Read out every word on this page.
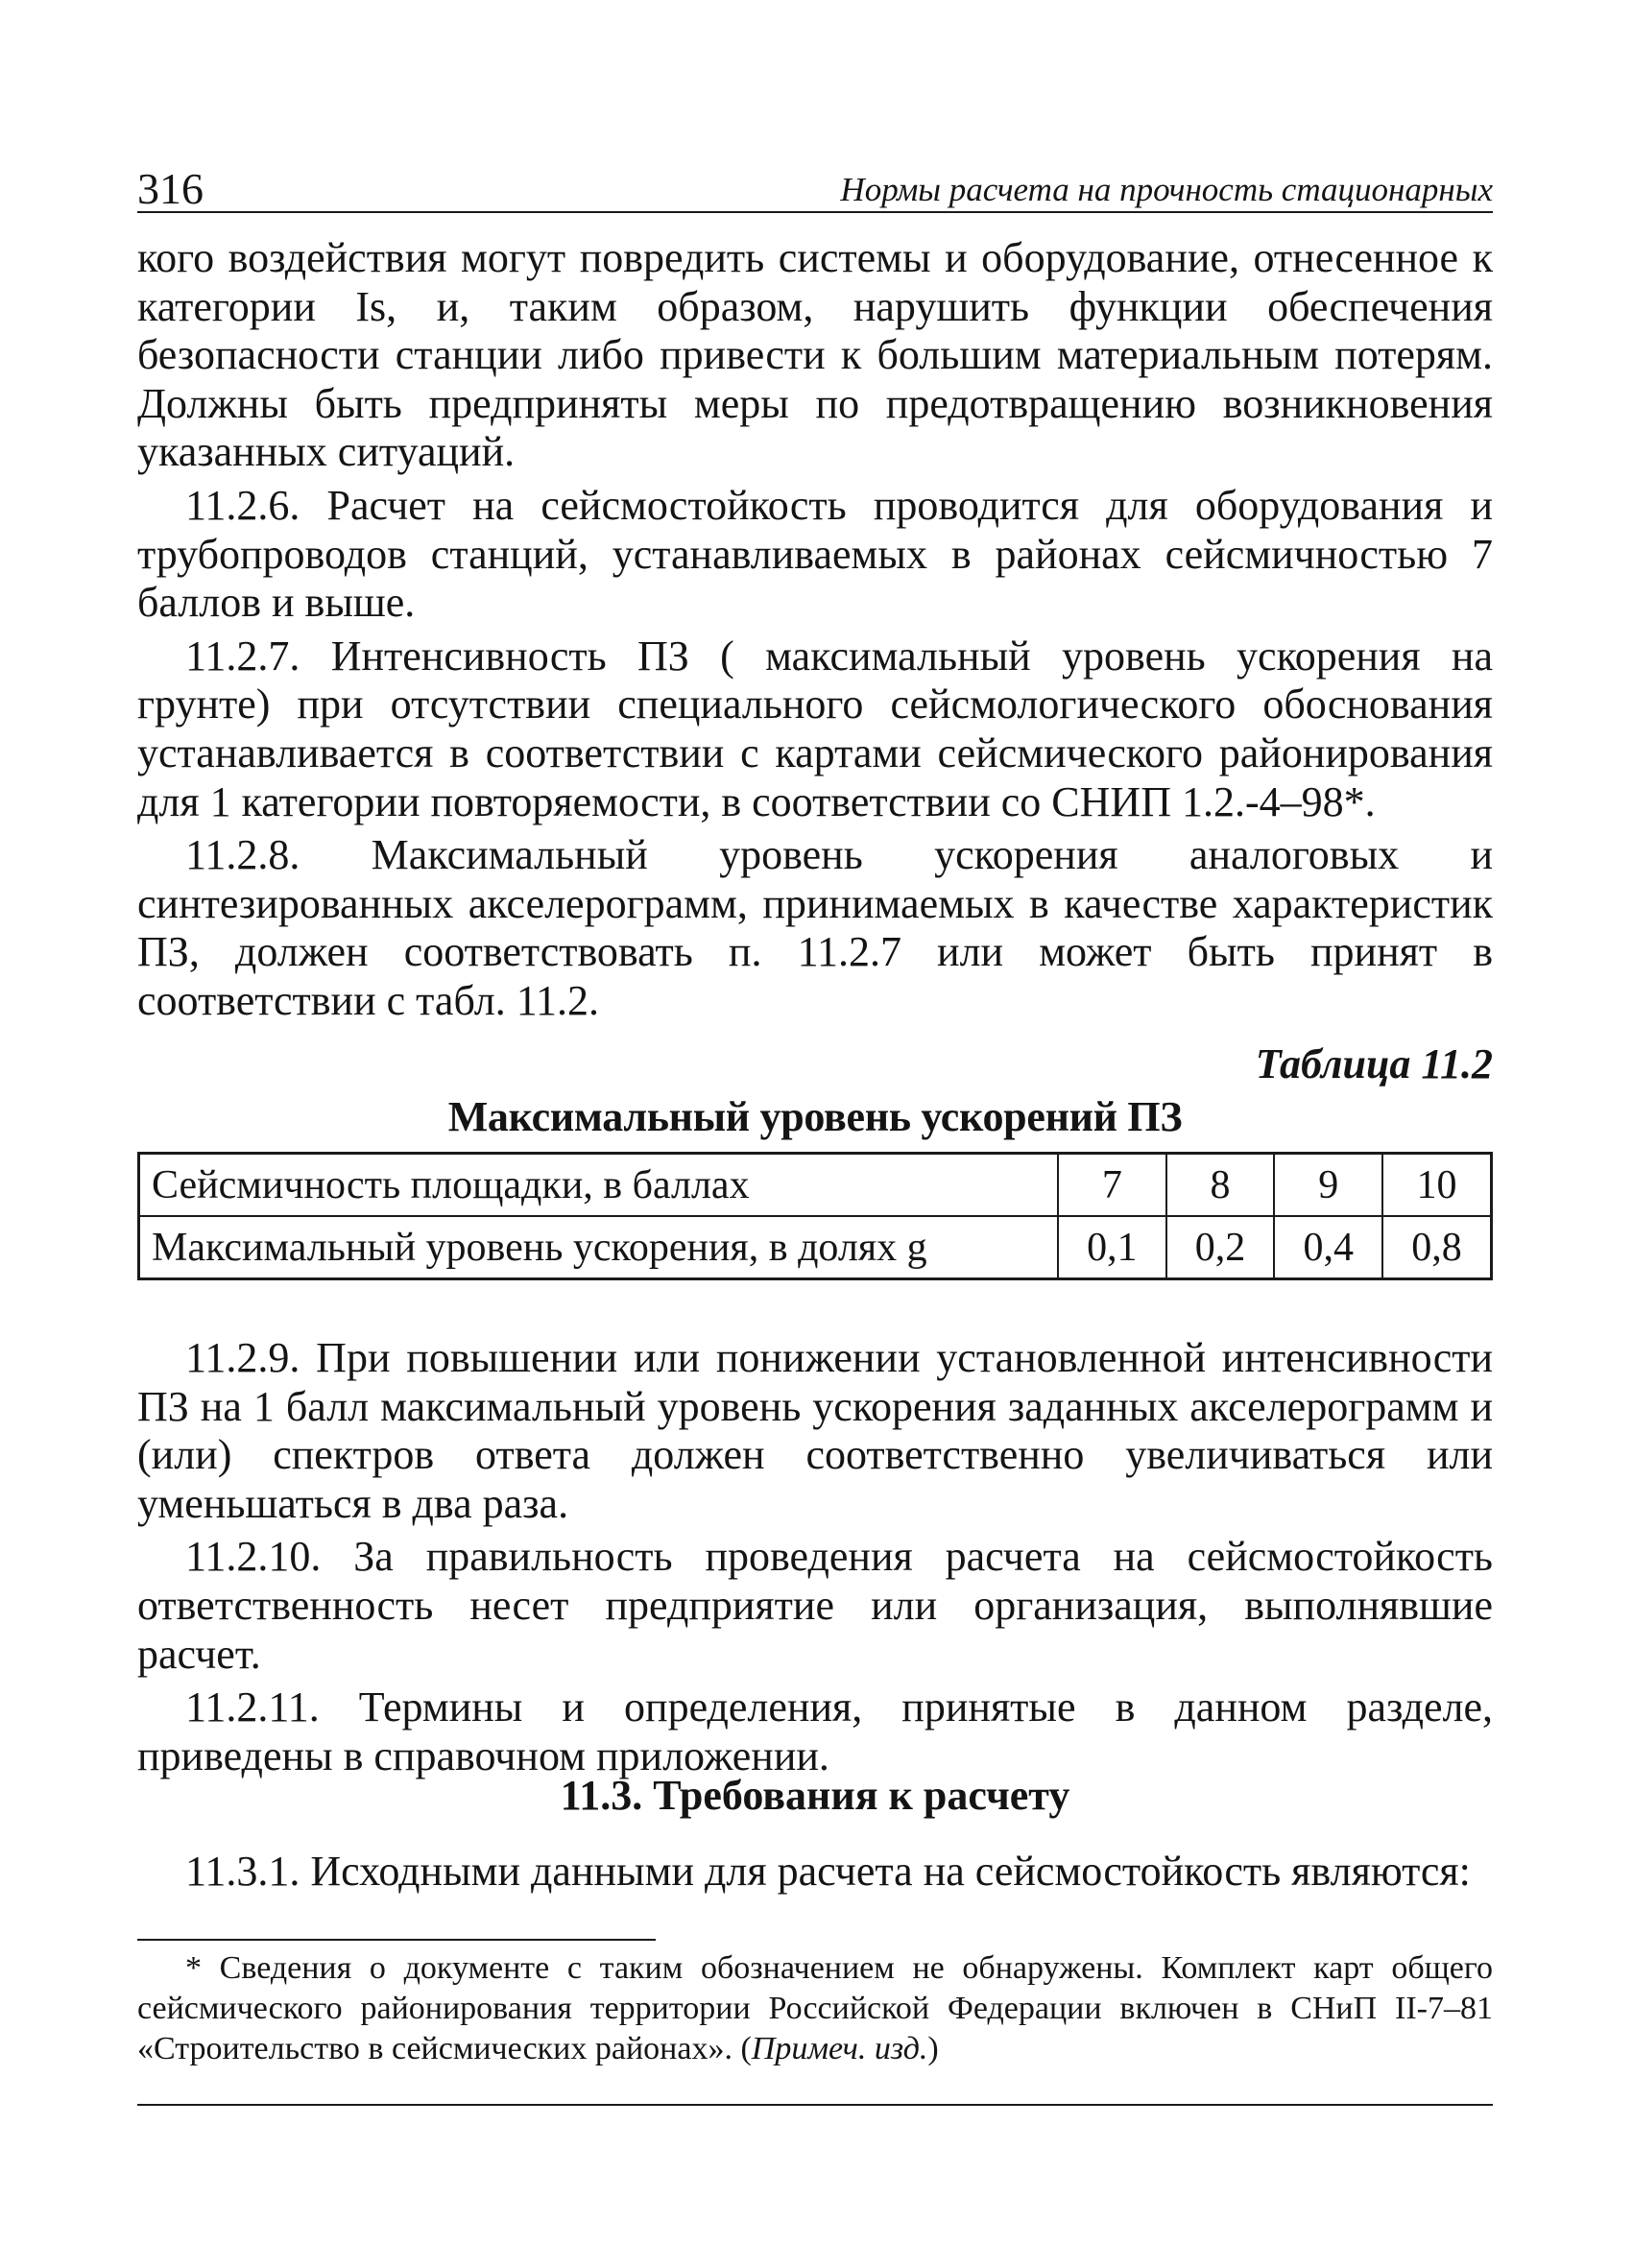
316	Нормы расчета на прочность стационарных

кого воздействия могут повредить системы и оборудование, отнесенное к категории Is, и, таким образом, нарушить функции обеспечения безопасности станции либо привести к большим материальным потерям. Должны быть предприняты меры по предотвращению возникновения указанных ситуаций.

11.2.6. Расчет на сейсмостойкость проводится для оборудования и трубопроводов станций, устанавливаемых в районах сейсмичностью 7 баллов и выше.

11.2.7. Интенсивность ПЗ ( максимальный уровень ускорения на грунте) при отсутствии специального сейсмологического обоснования устанавливается в соответствии с картами сейсмического районирования для 1 категории повторяемости, в соответствии со СНИП 1.2.-4–98*.

11.2.8. Максимальный уровень ускорения аналоговых и синтезированных акселерограмм, принимаемых в качестве характеристик ПЗ, должен соответствовать п. 11.2.7 или может быть принят в соответствии с табл. 11.2.

Таблица 11.2
Максимальный уровень ускорений ПЗ
Сейсмичность площадки, в баллах	7	8	9	10
Максимальный уровень ускорения, в долях g	0,1	0,2	0,4	0,8

11.2.9. При повышении или понижении установленной интенсивности ПЗ на 1 балл максимальный уровень ускорения заданных акселерограмм и (или) спектров ответа должен соответственно увеличиваться или уменьшаться в два раза.

11.2.10. За правильность проведения расчета на сейсмостойкость ответственность несет предприятие или организация, выполнявшие расчет.

11.2.11. Термины и определения, принятые в данном разделе, приведены в справочном приложении.

11.3. Требования к расчету

11.3.1. Исходными данными для расчета на сейсмостойкость являются:

* Сведения о документе с таким обозначением не обнаружены. Комплект карт общего сейсмического районирования территории Российской Федерации включен в СНиП II-7–81 «Строительство в сейсмических районах». (Примеч. изд.)
